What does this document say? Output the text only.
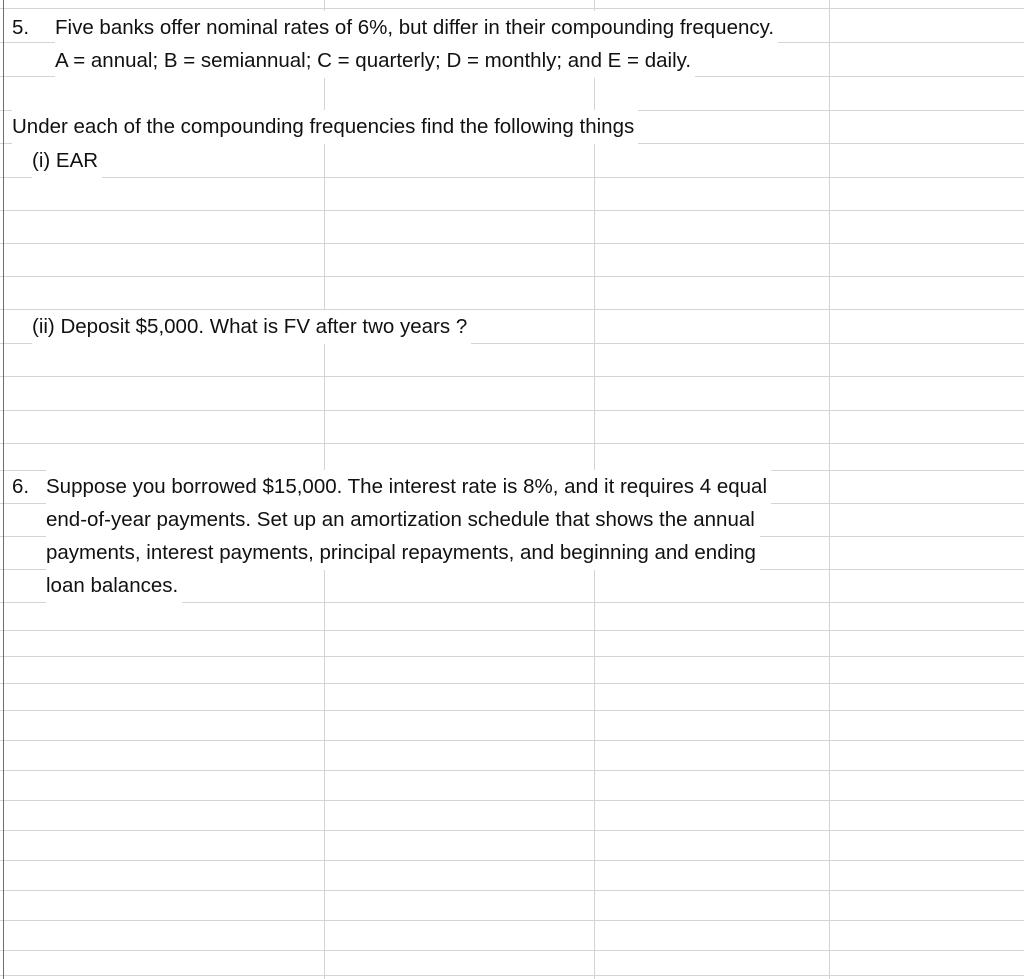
5. Five banks offer nominal rates of 6%, but differ in their compounding frequency.
A = annual; B = semiannual; C = quarterly; D = monthly; and E = daily.
Under each of the compounding frequencies find the following things
(i) EAR
(ii) Deposit $5,000. What is FV after two years ?
6. Suppose you borrowed $15,000. The interest rate is 8%, and it requires 4 equal
end-of-year payments. Set up an amortization schedule that shows the annual
payments, interest payments, principal repayments, and beginning and ending
loan balances.
